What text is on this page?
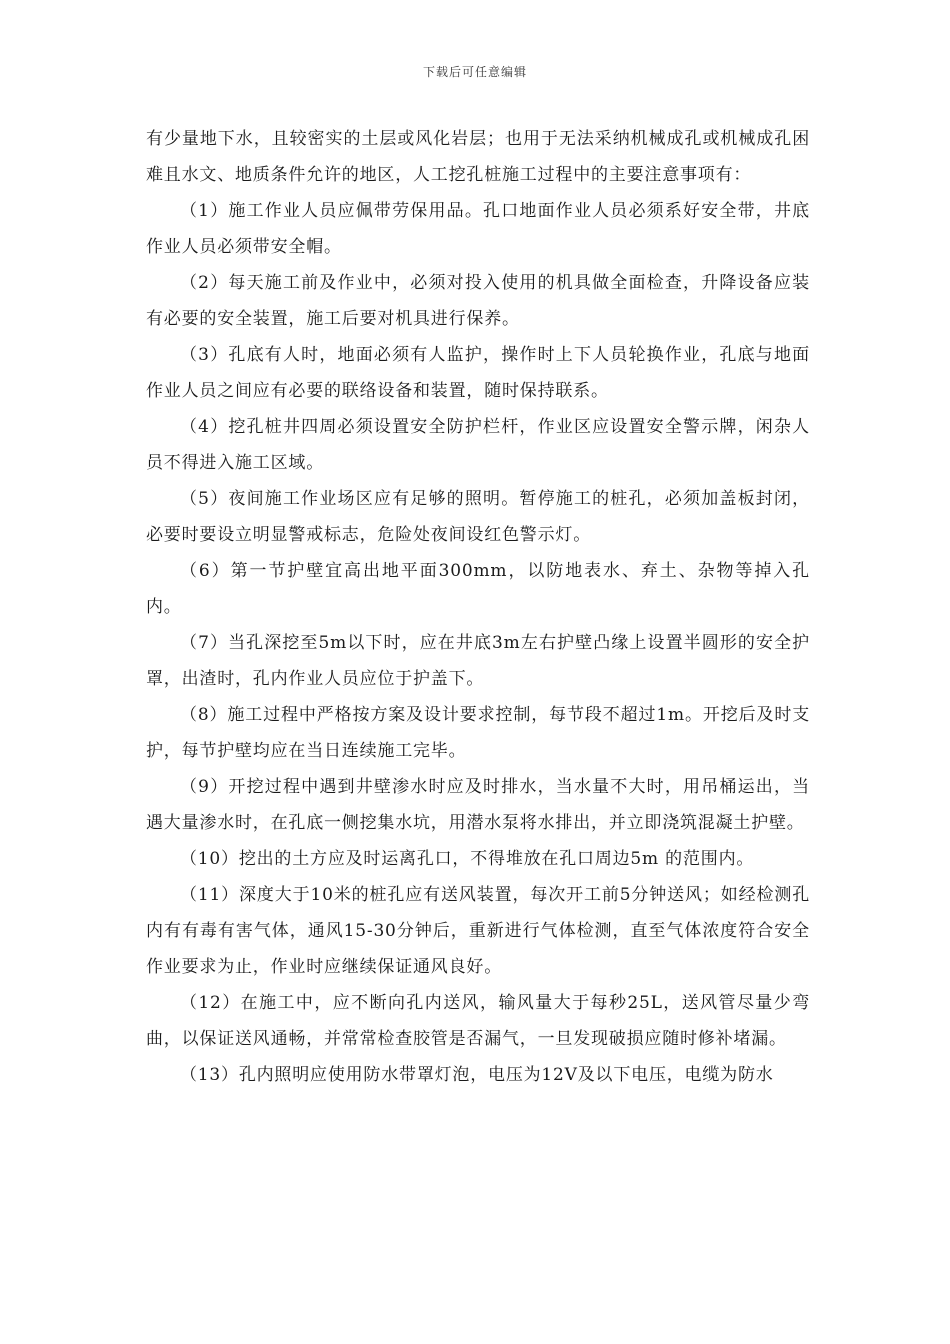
下载后可任意编辑

有少量地下水，且较密实的土层或风化岩层；也用于无法采纳机械成孔或机械成孔困难且水文、地质条件允许的地区，人工挖孔桩施工过程中的主要注意事项有：

（1）施工作业人员应佩带劳保用品。孔口地面作业人员必须系好安全带，井底作业人员必须带安全帽。

（2）每天施工前及作业中，必须对投入使用的机具做全面检查，升降设备应装有必要的安全装置，施工后要对机具进行保养。

（3）孔底有人时，地面必须有人监护，操作时上下人员轮换作业，孔底与地面作业人员之间应有必要的联络设备和装置，随时保持联系。

（4）挖孔桩井四周必须设置安全防护栏杆，作业区应设置安全警示牌，闲杂人员不得进入施工区域。

（5）夜间施工作业场区应有足够的照明。暂停施工的桩孔，必须加盖板封闭，必要时要设立明显警戒标志，危险处夜间设红色警示灯。

（6）第一节护壁宜高出地平面300mm，以防地表水、弃土、杂物等掉入孔内。

（7）当孔深挖至5m以下时，应在井底3m左右护壁凸缘上设置半圆形的安全护罩，出渣时，孔内作业人员应位于护盖下。

（8）施工过程中严格按方案及设计要求控制，每节段不超过1m。开挖后及时支护，每节护壁均应在当日连续施工完毕。

（9）开挖过程中遇到井壁渗水时应及时排水，当水量不大时，用吊桶运出，当遇大量渗水时，在孔底一侧挖集水坑，用潜水泵将水排出，并立即浇筑混凝土护壁。

（10）挖出的土方应及时运离孔口，不得堆放在孔口周边5m 的范围内。

（11）深度大于10米的桩孔应有送风装置，每次开工前5分钟送风；如经检测孔内有有毒有害气体，通风15-30分钟后，重新进行气体检测，直至气体浓度符合安全作业要求为止，作业时应继续保证通风良好。

（12）在施工中，应不断向孔内送风，输风量大于每秒25L，送风管尽量少弯曲，以保证送风通畅，并常常检查胶管是否漏气，一旦发现破损应随时修补堵漏。

（13）孔内照明应使用防水带罩灯泡，电压为12V及以下电压，电缆为防水
